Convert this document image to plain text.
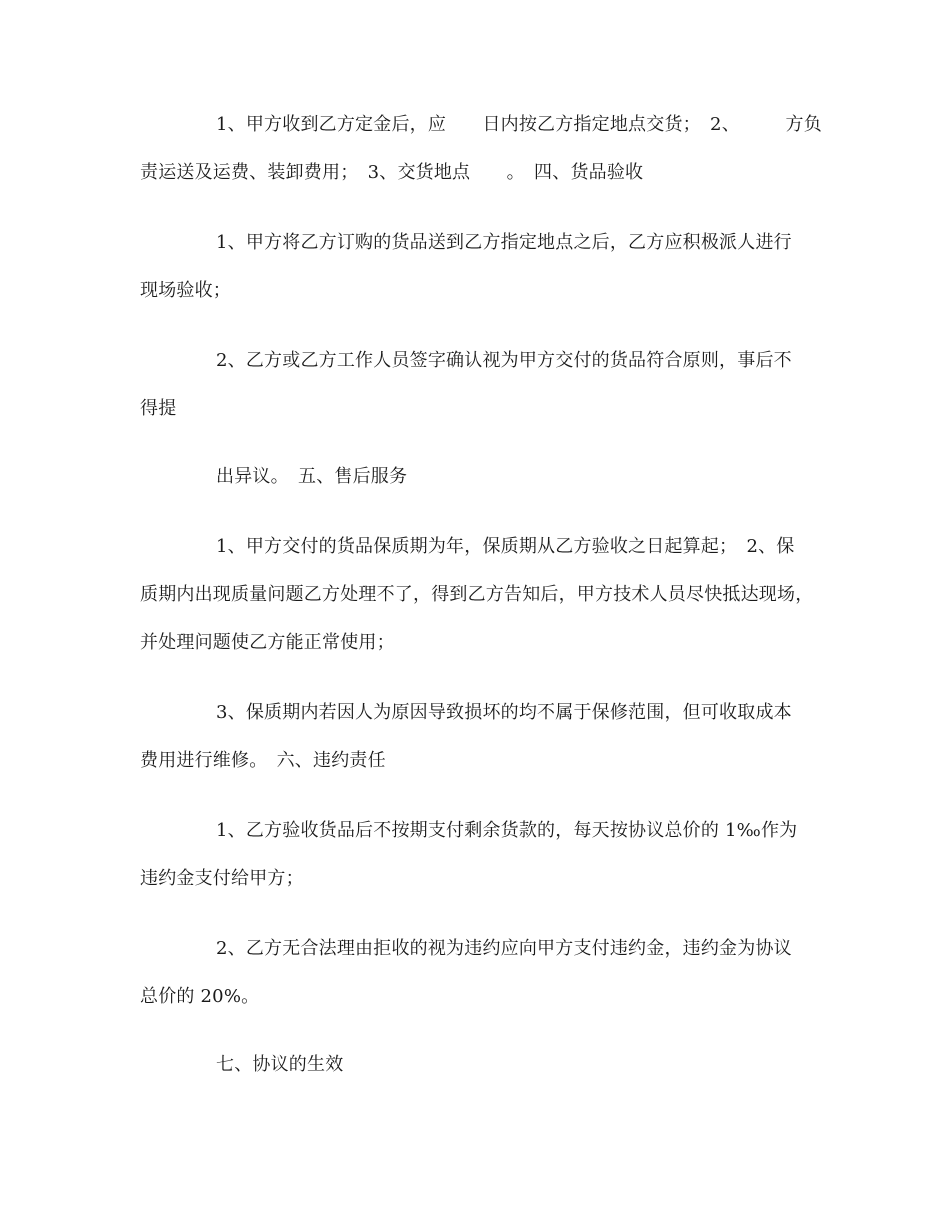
1、甲方收到乙方定金后，应　　日内按乙方指定地点交货；　2、　　　方负
责运送及运费、装卸费用；　3、交货地点　　。　四、货品验收
1、甲方将乙方订购的货品送到乙方指定地点之后，乙方应积极派人进行
现场验收；
2、乙方或乙方工作人员签字确认视为甲方交付的货品符合原则，事后不
得提
出异议。　五、售后服务
1、甲方交付的货品保质期为年，保质期从乙方验收之日起算起；　2、保
质期内出现质量问题乙方处理不了，得到乙方告知后，甲方技术人员尽快抵达现场，
并处理问题使乙方能正常使用；
3、保质期内若因人为原因导致损坏的均不属于保修范围，但可收取成本
费用进行维修。　六、违约责任
1、乙方验收货品后不按期支付剩余货款的，每天按协议总价的 1‰作为
违约金支付给甲方；
2、乙方无合法理由拒收的视为违约应向甲方支付违约金，违约金为协议
总价的 20%。
七、协议的生效
